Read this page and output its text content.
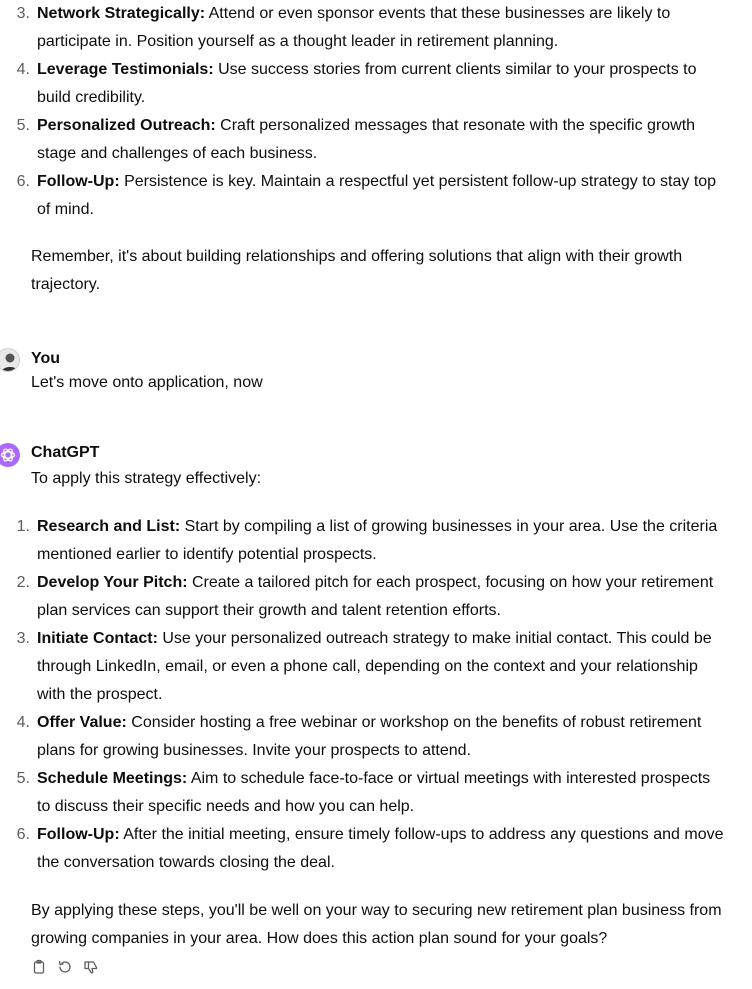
3. Network Strategically: Attend or even sponsor events that these businesses are likely to participate in. Position yourself as a thought leader in retirement planning.
4. Leverage Testimonials: Use success stories from current clients similar to your prospects to build credibility.
5. Personalized Outreach: Craft personalized messages that resonate with the specific growth stage and challenges of each business.
6. Follow-Up: Persistence is key. Maintain a respectful yet persistent follow-up strategy to stay top of mind.
Remember, it's about building relationships and offering solutions that align with their growth trajectory.
You
Let's move onto application, now
ChatGPT
To apply this strategy effectively:
1. Research and List: Start by compiling a list of growing businesses in your area. Use the criteria mentioned earlier to identify potential prospects.
2. Develop Your Pitch: Create a tailored pitch for each prospect, focusing on how your retirement plan services can support their growth and talent retention efforts.
3. Initiate Contact: Use your personalized outreach strategy to make initial contact. This could be through LinkedIn, email, or even a phone call, depending on the context and your relationship with the prospect.
4. Offer Value: Consider hosting a free webinar or workshop on the benefits of robust retirement plans for growing businesses. Invite your prospects to attend.
5. Schedule Meetings: Aim to schedule face-to-face or virtual meetings with interested prospects to discuss their specific needs and how you can help.
6. Follow-Up: After the initial meeting, ensure timely follow-ups to address any questions and move the conversation towards closing the deal.
By applying these steps, you'll be well on your way to securing new retirement plan business from growing companies in your area. How does this action plan sound for your goals?
